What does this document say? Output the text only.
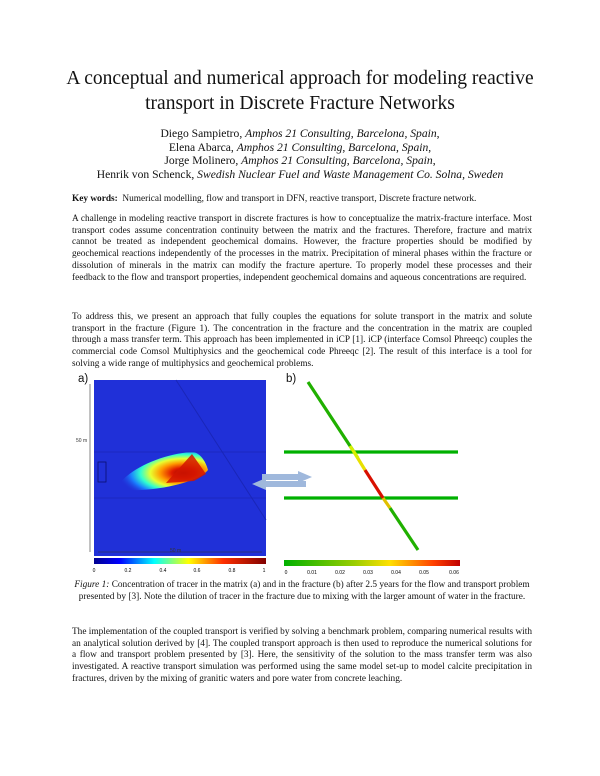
A conceptual and numerical approach for modeling reactive transport in Discrete Fracture Networks
Diego Sampietro, Amphos 21 Consulting, Barcelona, Spain,
Elena Abarca, Amphos 21 Consulting, Barcelona, Spain,
Jorge Molinero, Amphos 21 Consulting, Barcelona, Spain,
Henrik von Schenck, Swedish Nuclear Fuel and Waste Management Co. Solna, Sweden
Key words: Numerical modelling, flow and transport in DFN, reactive transport, Discrete fracture network.

A challenge in modeling reactive transport in discrete fractures is how to conceptualize the matrix-fracture interface. Most transport codes assume concentration continuity between the matrix and the fractures. Therefore, fracture and matrix cannot be treated as independent geochemical domains. However, the fracture properties should be modified by geochemical reactions independently of the processes in the matrix. Precipitation of mineral phases within the fracture or dissolution of minerals in the matrix can modify the fracture aperture. To properly model these processes and their feedback to the flow and transport properties, independent geochemical domains and aqueous concentrations are required.

To address this, we present an approach that fully couples the equations for solute transport in the matrix and solute transport in the fracture (Figure 1). The concentration in the fracture and the concentration in the matrix are coupled through a mass transfer term. This approach has been implemented in iCP [1]. iCP (interface Comsol Phreeqc) couples the commercial code Comsol Multiphysics and the geochemical code Phreeqc [2]. The result of this interface is a tool for solving a wide range of multiphysics and geochemical problems.

a)	b)
50 m
50 m
0	0.2	0.4	0.6	0.8	1	0	0.01	0.02	0.03	0.04	0.05	0.06
Figure 1: Concentration of tracer in the matrix (a) and in the fracture (b) after 2.5 years for the flow and transport problem presented by [3]. Note the dilution of tracer in the fracture due to mixing with the larger amount of water in the fracture.

The implementation of the coupled transport is verified by solving a benchmark problem, comparing numerical results with an analytical solution derived by [4]. The coupled transport approach is then used to reproduce the numerical solutions for a flow and transport problem presented by [3]. Here, the sensitivity of the solution to the mass transfer term was also investigated. A reactive transport simulation was performed using the same model set-up to model calcite precipitation in fractures, driven by the mixing of granitic waters and pore water from concrete leaching.
